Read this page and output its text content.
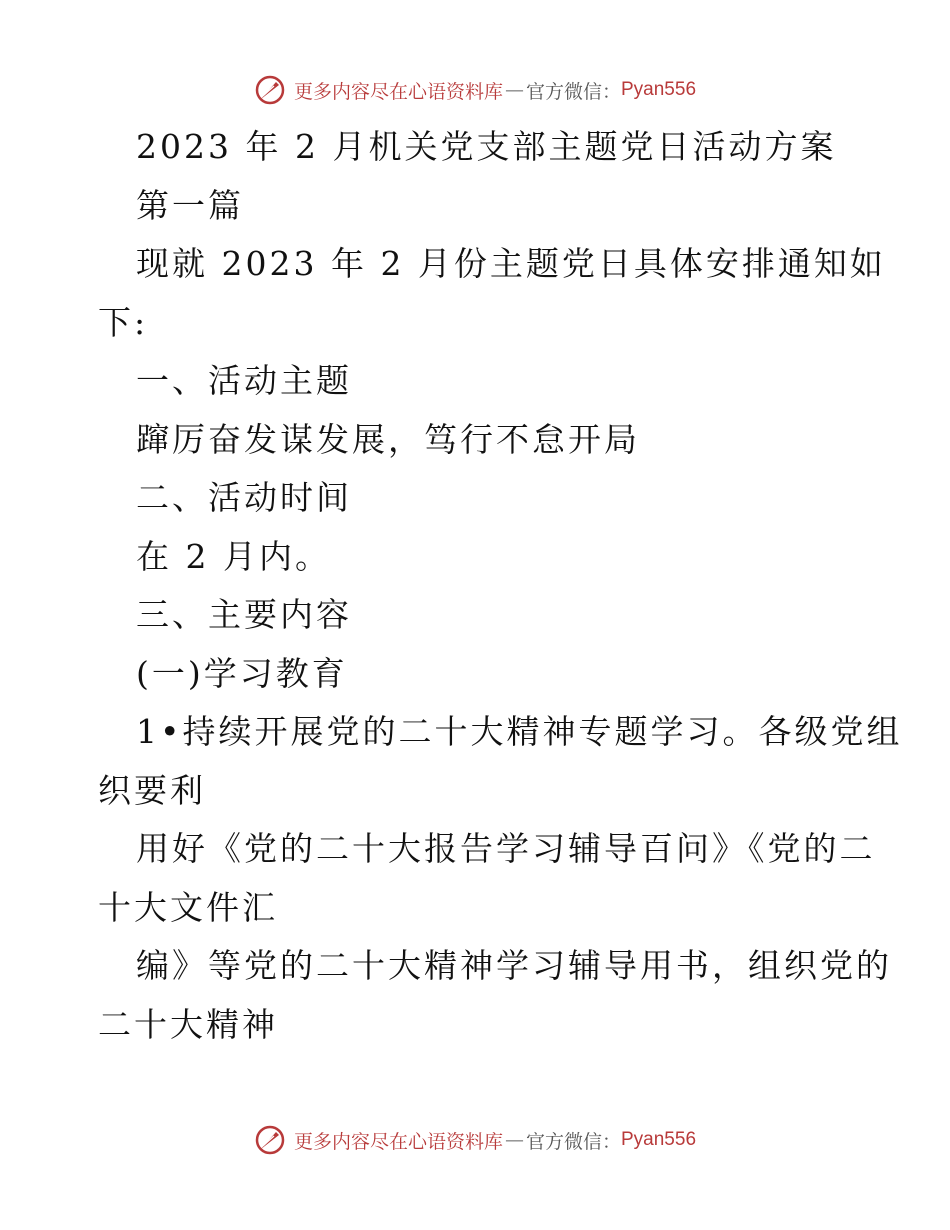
更多内容尽在心语资料库 — 官方微信： Pyan556
2023 年 2 月机关党支部主题党日活动方案
第一篇
现就 2023 年 2 月份主题党日具体安排通知如
下:
一、活动主题
蹿厉奋发谋发展，笃行不怠开局
二、活动时间
在 2 月内。
三、主要内容
(一)学习教育
1•持续开展党的二十大精神专题学习。各级党组
织要利
用好《党的二十大报告学习辅导百问》《党的二
十大文件汇
编》等党的二十大精神学习辅导用书，组织党的
二十大精神
更多内容尽在心语资料库 — 官方微信： Pyan556
